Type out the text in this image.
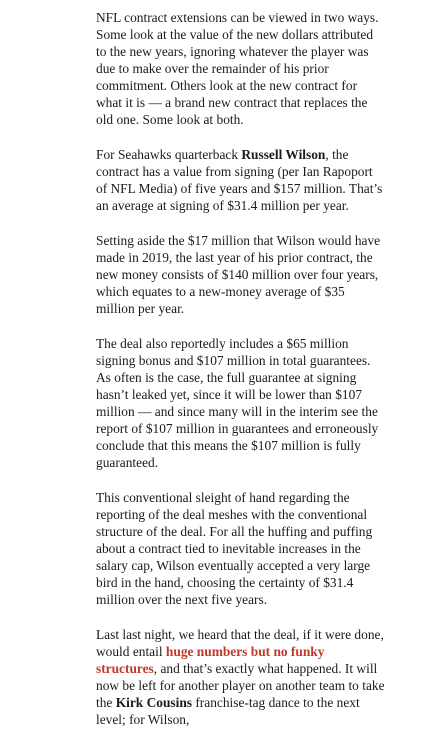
NFL contract extensions can be viewed in two ways. Some look at the value of the new dollars attributed to the new years, ignoring whatever the player was due to make over the remainder of his prior commitment. Others look at the new contract for what it is — a brand new contract that replaces the old one. Some look at both.

For Seahawks quarterback Russell Wilson, the contract has a value from signing (per Ian Rapoport of NFL Media) of five years and $157 million. That’s an average at signing of $31.4 million per year.

Setting aside the $17 million that Wilson would have made in 2019, the last year of his prior contract, the new money consists of $140 million over four years, which equates to a new-money average of $35 million per year.

The deal also reportedly includes a $65 million signing bonus and $107 million in total guarantees. As often is the case, the full guarantee at signing hasn’t leaked yet, since it will be lower than $107 million — and since many will in the interim see the report of $107 million in guarantees and erroneously conclude that this means the $107 million is fully guaranteed.

This conventional sleight of hand regarding the reporting of the deal meshes with the conventional structure of the deal. For all the huffing and puffing about a contract tied to inevitable increases in the salary cap, Wilson eventually accepted a very large bird in the hand, choosing the certainty of $31.4 million over the next five years.

Last last night, we heard that the deal, if it were done, would entail huge numbers but no funky structures, and that’s exactly what happened. It will now be left for another player on another team to take the Kirk Cousins franchise-tag dance to the next level; for Wilson,
